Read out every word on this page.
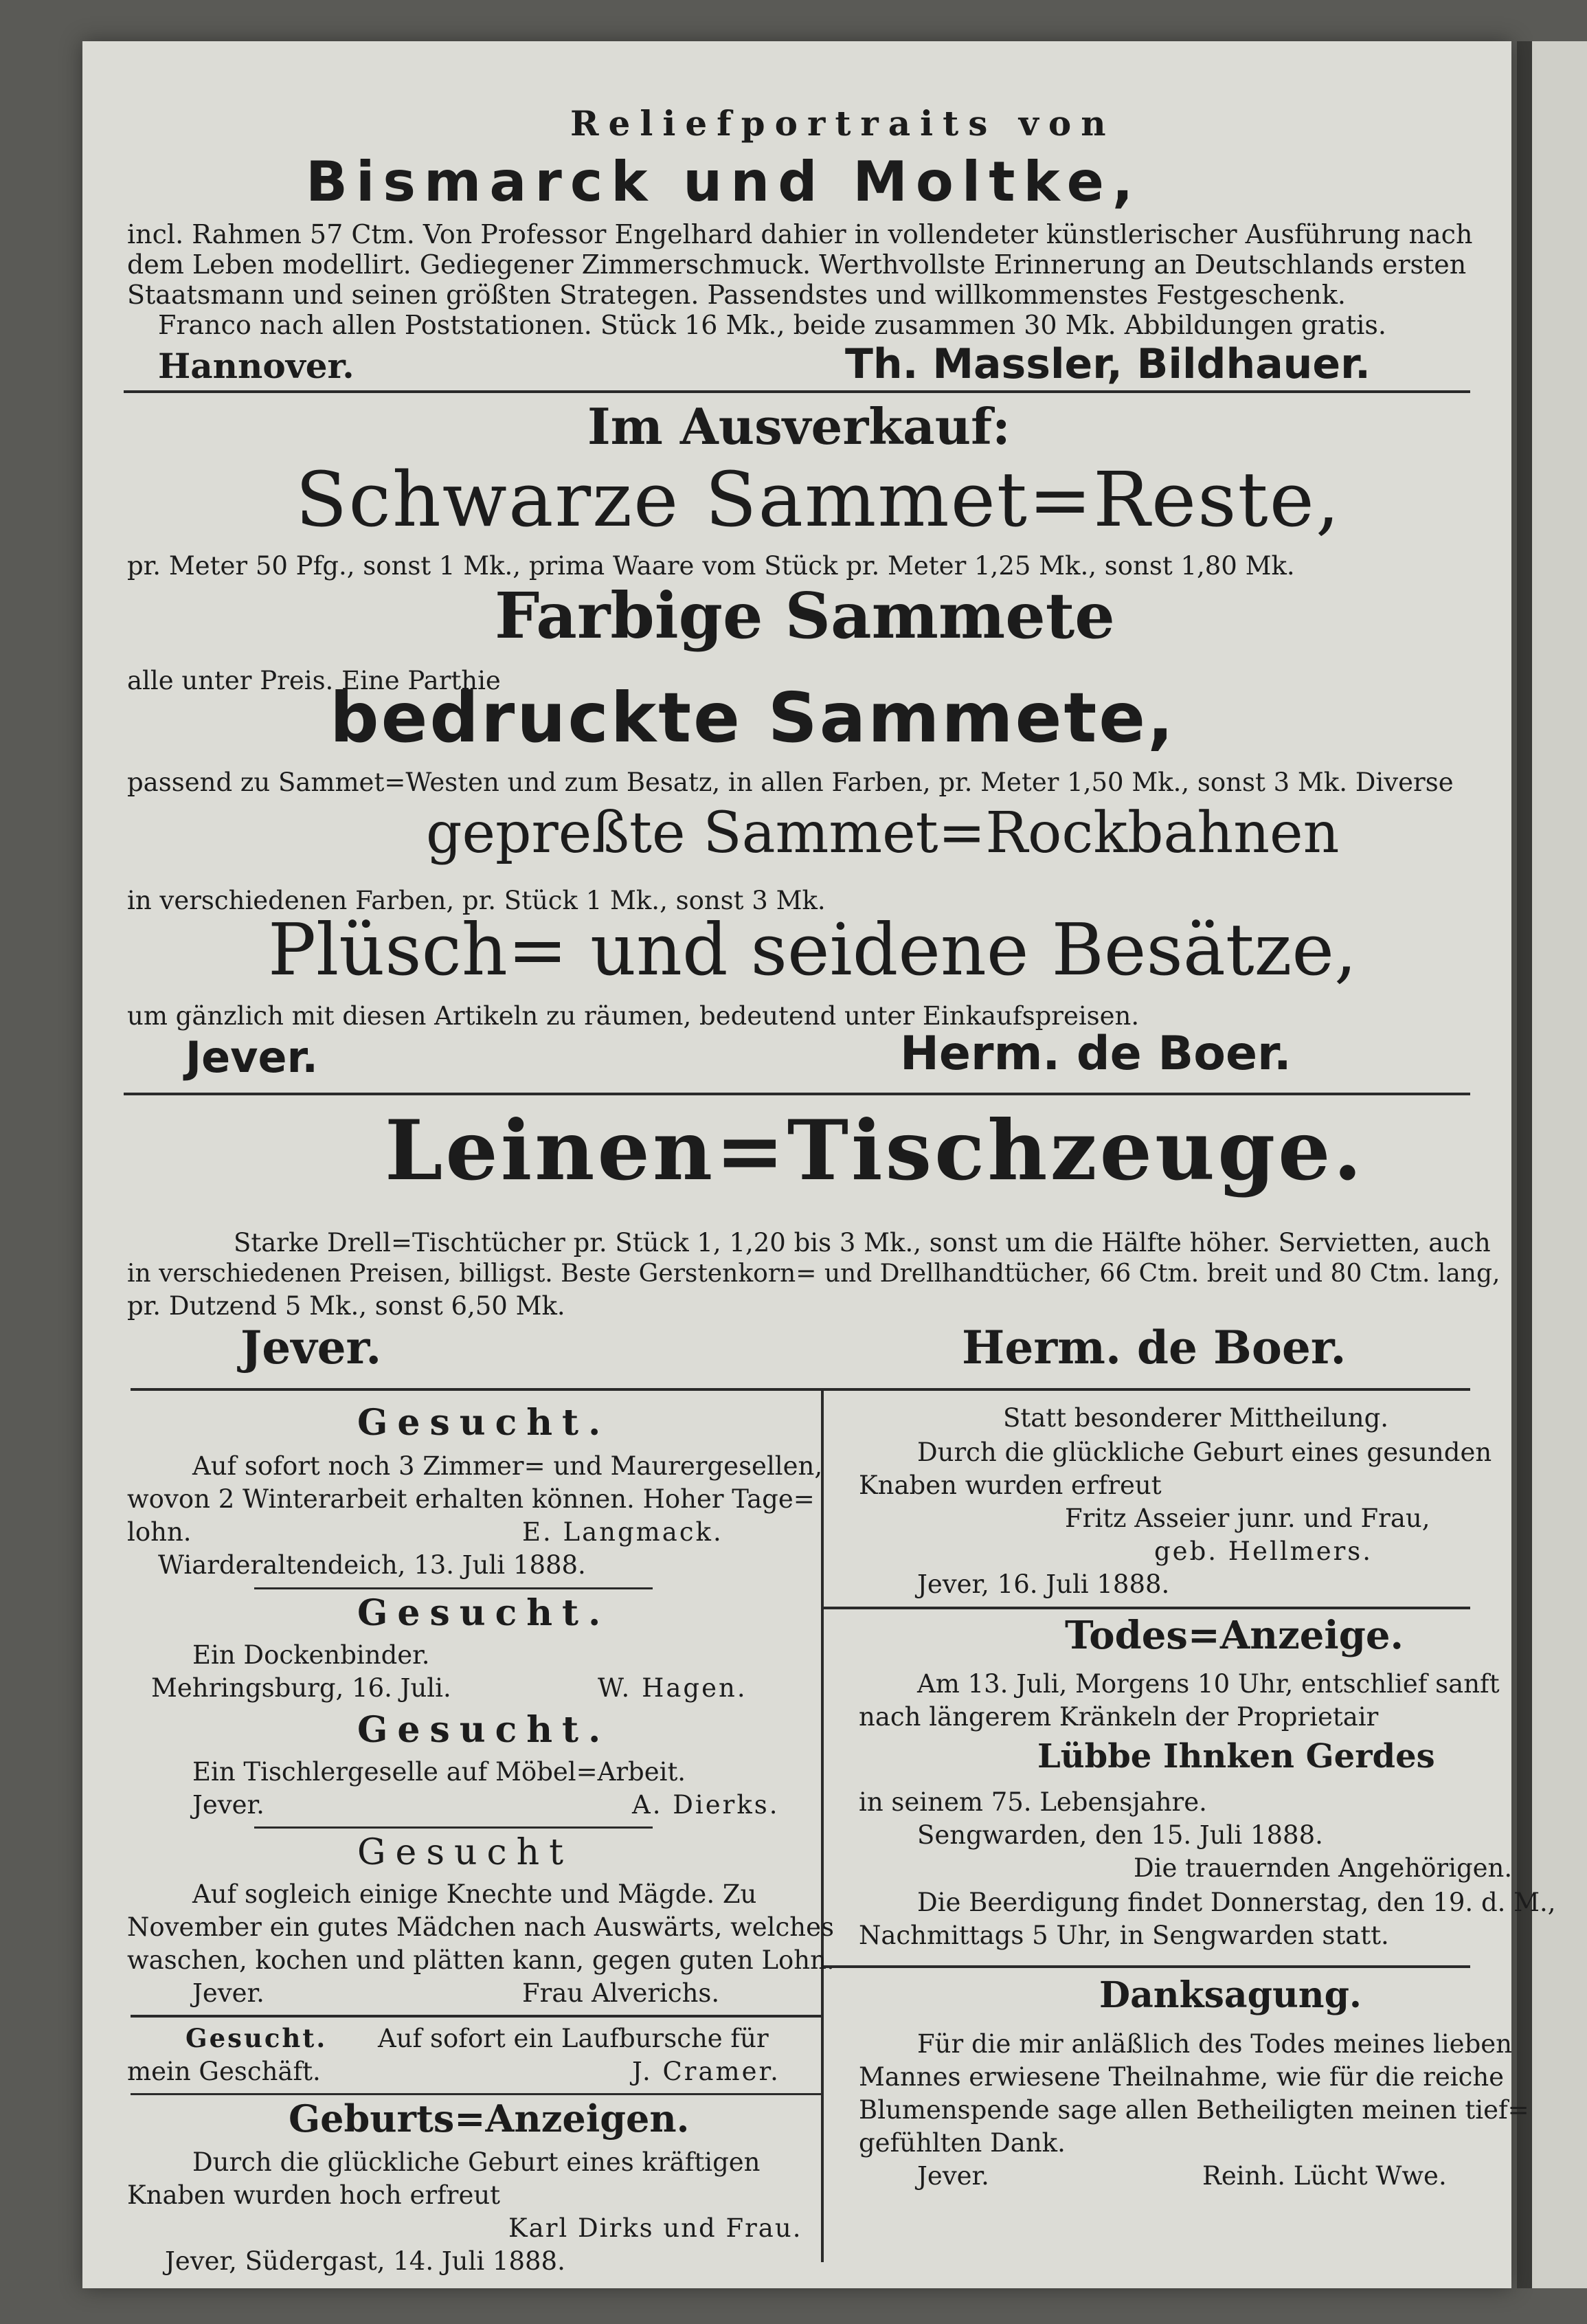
Reliefportraits von
Bismarck und Moltke,
incl. Rahmen 57 Ctm. Von Professor Engelhard dahier in vollendeter künstlerischer Ausführung nach
dem Leben modellirt. Gediegener Zimmerschmuck. Werthvollste Erinnerung an Deutschlands ersten
Staatsmann und seinen größten Strategen. Passendstes und willkommenstes Festgeschenk.
Franco nach allen Poststationen. Stück 16 Mk., beide zusammen 30 Mk. Abbildungen gratis.
Hannover.	Th. Massler, Bildhauer.
Im Ausverkauf:
Schwarze Sammet=Reste,
pr. Meter 50 Pfg., sonst 1 Mk., prima Waare vom Stück pr. Meter 1,25 Mk., sonst 1,80 Mk.
Farbige Sammete
alle unter Preis. Eine Parthie
bedruckte Sammete,
passend zu Sammet=Westen und zum Besatz, in allen Farben, pr. Meter 1,50 Mk., sonst 3 Mk. Diverse
gepreßte Sammet=Rockbahnen
in verschiedenen Farben, pr. Stück 1 Mk., sonst 3 Mk.
Plüsch= und seidene Besätze,
um gänzlich mit diesen Artikeln zu räumen, bedeutend unter Einkaufspreisen.
Jever.	Herm. de Boer.
Leinen=Tischzeuge.
Starke Drell=Tischtücher pr. Stück 1, 1,20 bis 3 Mk., sonst um die Hälfte höher. Servietten, auch
in verschiedenen Preisen, billigst. Beste Gerstenkorn= und Drellhandtücher, 66 Ctm. breit und 80 Ctm. lang,
pr. Dutzend 5 Mk., sonst 6,50 Mk.
Jever.	Herm. de Boer.
Gesucht.
Auf sofort noch 3 Zimmer= und Maurergesellen,
wovon 2 Winterarbeit erhalten können. Hoher Tage=
lohn.	E. Langmack.
Wiarderaltendeich, 13. Juli 1888.
Gesucht.
Ein Dockenbinder.
Mehringsburg, 16. Juli.	W. Hagen.
Gesucht.
Ein Tischlergeselle auf Möbel=Arbeit.
Jever.	A. Dierks.
Gesucht
Auf sogleich einige Knechte und Mägde. Zu
November ein gutes Mädchen nach Auswärts, welches
waschen, kochen und plätten kann, gegen guten Lohn.
Frau Alverichs.
Jever.
Gesucht. Auf sofort ein Laufbursche für
mein Geschäft.	J. Cramer.
Geburts=Anzeigen.
Durch die glückliche Geburt eines kräftigen
Knaben wurden hoch erfreut
Karl Dirks und Frau.
Jever, Südergast, 14. Juli 1888.
Statt besonderer Mittheilung.
Durch die glückliche Geburt eines gesunden
Knaben wurden erfreut
Fritz Asseier junr. und Frau,
geb. Hellmers.
Jever, 16. Juli 1888.
Todes=Anzeige.
Am 13. Juli, Morgens 10 Uhr, entschlief sanft
nach längerem Kränkeln der Proprietair
Lübbe Ihnken Gerdes
in seinem 75. Lebensjahre.
Sengwarden, den 15. Juli 1888.
Die trauernden Angehörigen.
Die Beerdigung findet Donnerstag, den 19. d. M.,
Nachmittags 5 Uhr, in Sengwarden statt.
Danksagung.
Für die mir anläßlich des Todes meines lieben
Mannes erwiesene Theilnahme, wie für die reiche
Blumenspende sage allen Betheiligten meinen tief=
gefühlten Dank.
Jever.	Reinh. Lücht Wwe.
